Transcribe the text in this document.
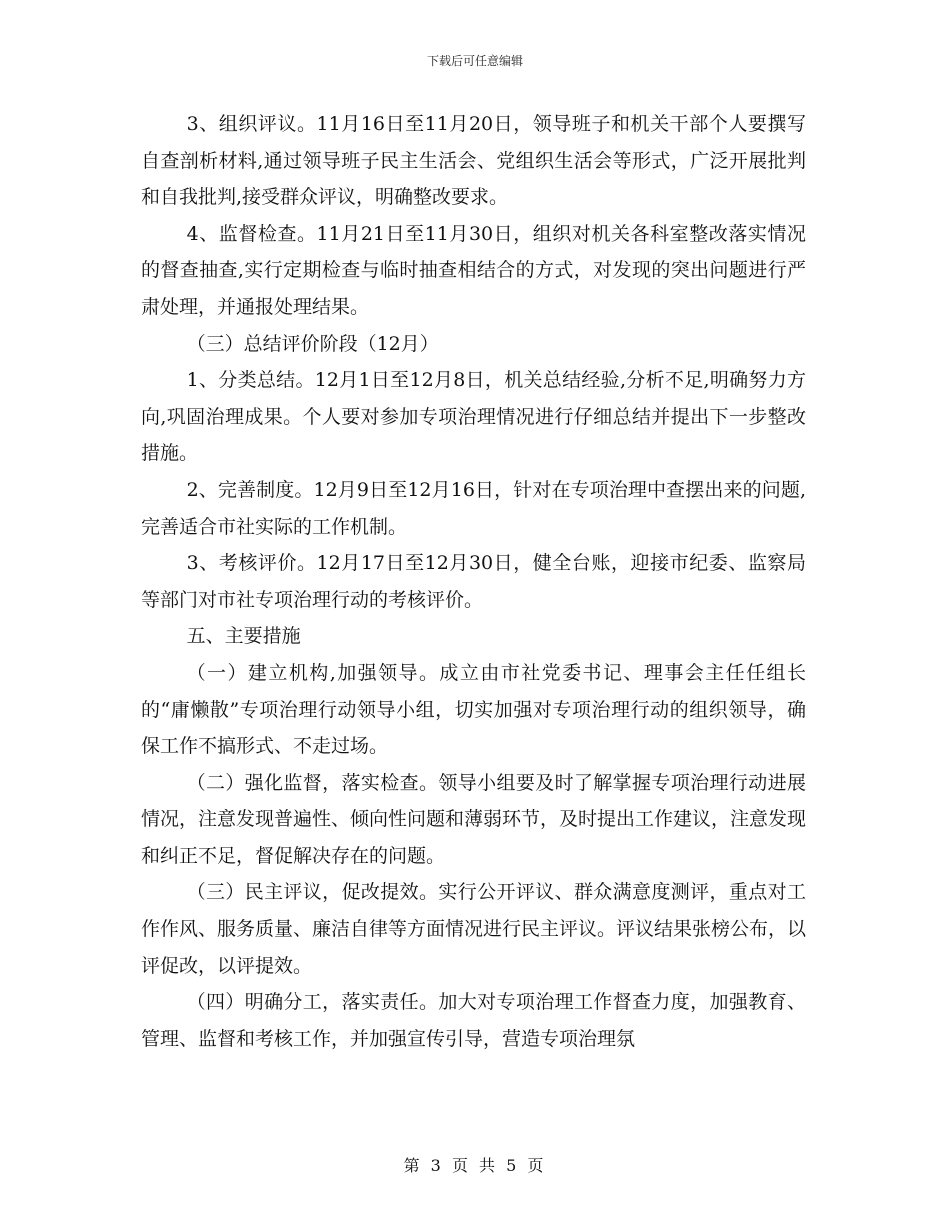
下载后可任意编辑

3、组织评议。11月16日至11月20日，领导班子和机关干部个人要撰写自查剖析材料,通过领导班子民主生活会、党组织生活会等形式，广泛开展批判和自我批判,接受群众评议，明确整改要求。

4、监督检查。11月21日至11月30日，组织对机关各科室整改落实情况的督查抽查,实行定期检查与临时抽查相结合的方式，对发现的突出问题进行严肃处理，并通报处理结果。

（三）总结评价阶段（12月）

1、分类总结。12月1日至12月8日，机关总结经验,分析不足,明确努力方向,巩固治理成果。个人要对参加专项治理情况进行仔细总结并提出下一步整改措施。

2、完善制度。12月9日至12月16日，针对在专项治理中查摆出来的问题,完善适合市社实际的工作机制。

3、考核评价。12月17日至12月30日，健全台账，迎接市纪委、监察局等部门对市社专项治理行动的考核评价。

五、主要措施

（一）建立机构,加强领导。成立由市社党委书记、理事会主任任组长的“庸懒散”专项治理行动领导小组，切实加强对专项治理行动的组织领导，确保工作不搞形式、不走过场。

（二）强化监督，落实检查。领导小组要及时了解掌握专项治理行动进展情况，注意发现普遍性、倾向性问题和薄弱环节，及时提出工作建议，注意发现和纠正不足，督促解决存在的问题。

（三）民主评议，促改提效。实行公开评议、群众满意度测评，重点对工作作风、服务质量、廉洁自律等方面情况进行民主评议。评议结果张榜公布，以评促改，以评提效。

（四）明确分工，落实责任。加大对专项治理工作督查力度，加强教育、管理、监督和考核工作，并加强宣传引导，营造专项治理氛

第 3 页 共 5 页
